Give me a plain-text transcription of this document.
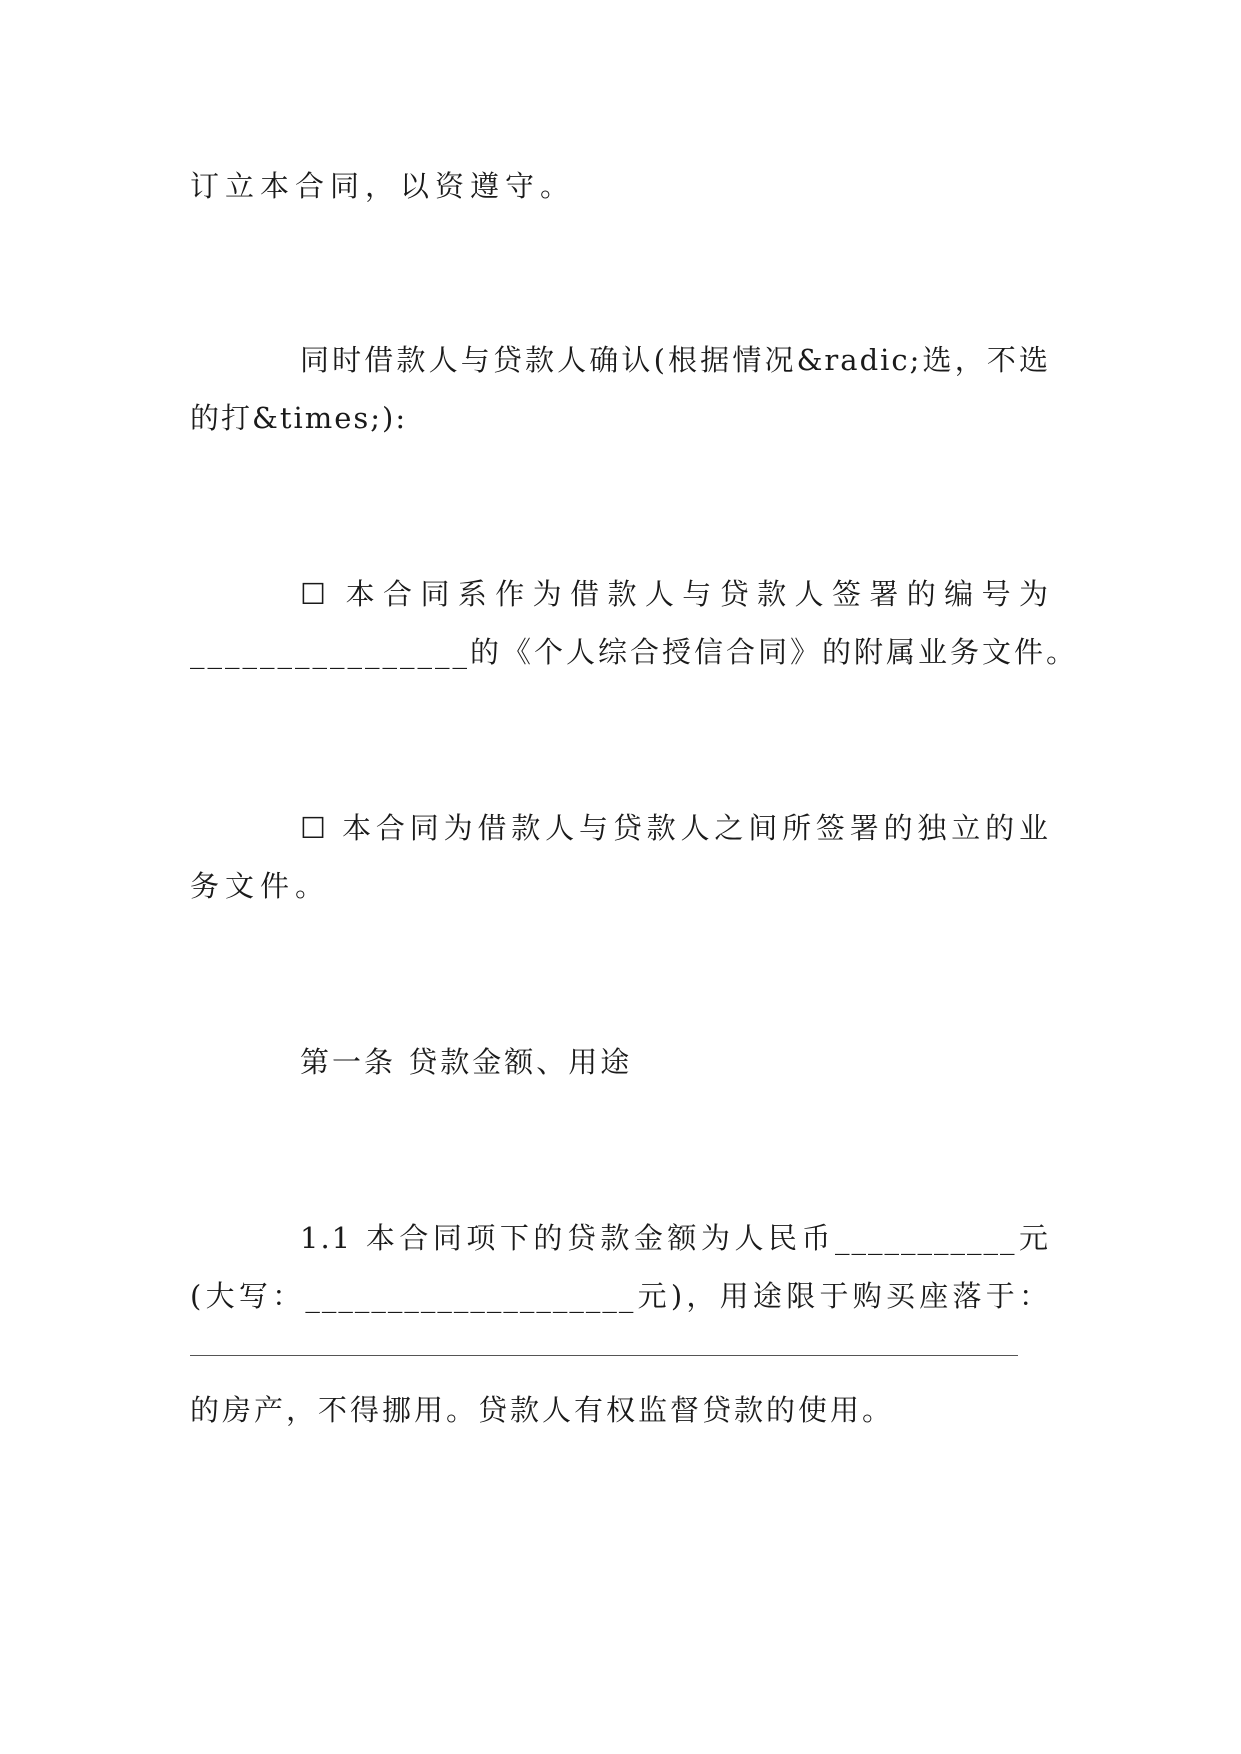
订立本合同，以资遵守。
同时借款人与贷款人确认(根据情况&radic;选，不选
的打&times;):
☐ 本合同系作为借款人与贷款人签署的编号为
________________的《个人综合授信合同》的附属业务文件。
☐ 本合同为借款人与贷款人之间所签署的独立的业
务文件。
第一条 贷款金额、用途
1.1 本合同项下的贷款金额为人民币___________元
(大写：____________________元)，用途限于购买座落于：
的房产，不得挪用。贷款人有权监督贷款的使用。
